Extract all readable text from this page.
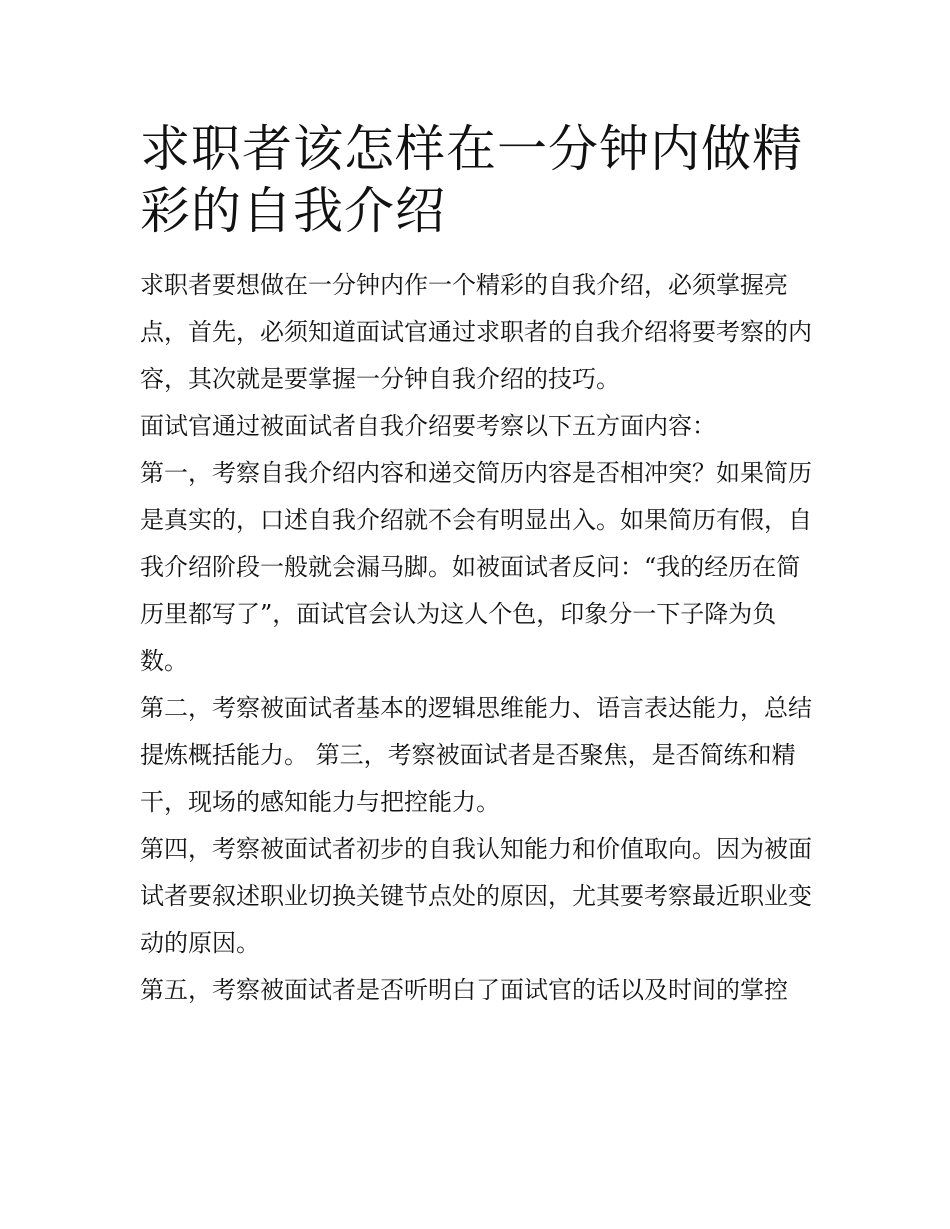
求职者该怎样在一分钟内做精彩的自我介绍

求职者要想做在一分钟内作一个精彩的自我介绍，必须掌握亮点，首先，必须知道面试官通过求职者的自我介绍将要考察的内容，其次就是要掌握一分钟自我介绍的技巧。

面试官通过被面试者自我介绍要考察以下五方面内容：

第一，考察自我介绍内容和递交简历内容是否相冲突？如果简历是真实的，口述自我介绍就不会有明显出入。如果简历有假，自我介绍阶段一般就会漏马脚。如被面试者反问：“我的经历在简历里都写了”，面试官会认为这人个色，印象分一下子降为负数。

第二，考察被面试者基本的逻辑思维能力、语言表达能力，总结提炼概括能力。 第三，考察被面试者是否聚焦，是否简练和精干，现场的感知能力与把控能力。

第四，考察被面试者初步的自我认知能力和价值取向。因为被面试者要叙述职业切换关键节点处的原因，尤其要考察最近职业变动的原因。

第五，考察被面试者是否听明白了面试官的话以及时间的掌控
